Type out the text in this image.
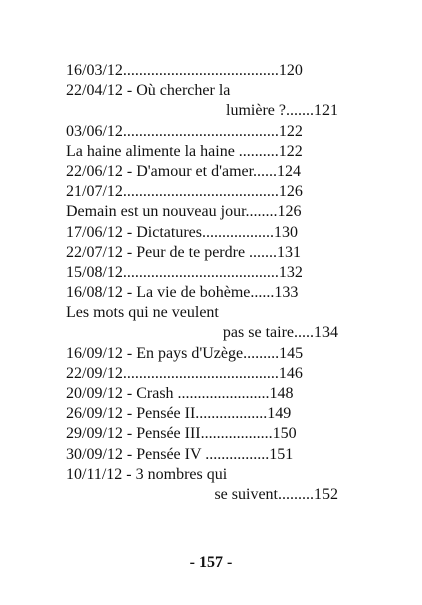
16/03/12.......................................120
22/04/12 - Où chercher la
lumière ?.......121
03/06/12.......................................122
La haine alimente la haine ..........122
22/06/12 - D'amour et d'amer......124
21/07/12.......................................126
Demain est un nouveau jour........126
17/06/12 - Dictatures..................130
22/07/12 - Peur de te perdre .......131
15/08/12.......................................132
16/08/12 - La vie de bohème......133
Les mots qui ne veulent
pas se taire.....134
16/09/12 - En pays d'Uzège.........145
22/09/12.......................................146
20/09/12 - Crash .......................148
26/09/12 - Pensée II..................149
29/09/12 - Pensée III..................150
30/09/12 - Pensée IV ................151
10/11/12 - 3 nombres qui
se suivent.........152
- 157 -
